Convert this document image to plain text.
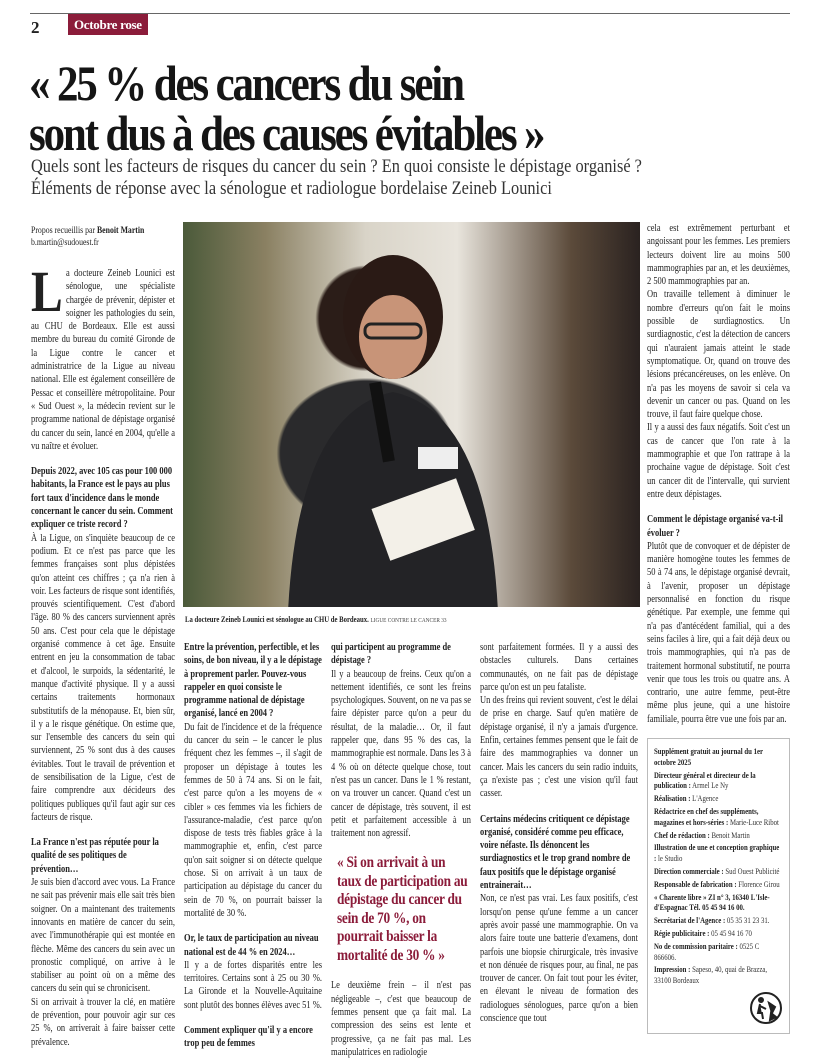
2	Octobre rose
« 25 % des cancers du sein
sont dus à des causes évitables »
Quels sont les facteurs de risques du cancer du sein ? En quoi consiste le dépistage organisé ?
Éléments de réponse avec la sénologue et radiologue bordelaise Zeineb Lounici
La docteure Zeineb Lounici est sénologue au CHU de Bordeaux. LIGUE CONTRE LE CANCER 33
Propos recueillis par Benoit Martin
b.martin@sudouest.fr
La docteure Zeineb Lounici est sénologue, une spécialiste chargée de prévenir, dépister et soigner les pathologies du sein, au CHU de Bordeaux. Elle est aussi membre du bureau du comité Gironde de la Ligue contre le cancer et administratrice de la Ligue au niveau national. Elle est également conseillère de Pessac et conseillère métropolitaine. Pour « Sud Ouest », la médecin revient sur le programme national de dépistage organisé du cancer du sein, lancé en 2004, qu'elle a vu naître et évoluer.

Depuis 2022, avec 105 cas pour 100 000 habitants, la France est le pays au plus fort taux d'incidence dans le monde concernant le cancer du sein. Comment expliquer ce triste record ?

À la Ligue, on s'inquiète beaucoup de ce podium. Et ce n'est pas parce que les femmes françaises sont plus dépistées qu'on atteint ces chiffres ; ça n'a rien à voir. Les facteurs de risque sont identifiés, prouvés scientifiquement. C'est d'abord l'âge. 80 % des cancers surviennent après 50 ans. C'est pour cela que le dépistage organisé commence à cet âge. Ensuite entrent en jeu la consommation de tabac et d'alcool, le surpoids, la sédentarité, le manque d'activité physique. Il y a aussi certains traitements hormonaux substitutifs de la ménopause. Et, bien sûr, il y a le risque génétique. On estime que, sur l'ensemble des cancers du sein qui surviennent, 25 % sont dus à des causes évitables. Tout le travail de prévention et de sensibilisation de la Ligue, c'est de faire comprendre aux décideurs des politiques publiques qu'il faut agir sur ces facteurs de risque.

La France n'est pas réputée pour la qualité de ses politiques de prévention…

Je suis bien d'accord avec vous. La France ne sait pas prévenir mais elle sait très bien soigner. On a maintenant des traitements innovants en matière de cancer du sein, avec l'immunothérapie qui est montée en flèche. Même des cancers du sein avec un pronostic compliqué, on arrive à le stabiliser au point où on a même des cancers du sein qui se chronicisent.

Si on arrivait à trouver la clé, en matière de prévention, pour pouvoir agir sur ces 25 %, on arriverait à faire baisser cette prévalence.

Entre la prévention, perfectible, et les soins, de bon niveau, il y a le dépistage à proprement parler. Pouvez-vous rappeler en quoi consiste le programme national de dépistage organisé, lancé en 2004 ?

Du fait de l'incidence et de la fréquence du cancer du sein – le cancer le plus fréquent chez les femmes –, il s'agit de proposer un dépistage à toutes les femmes de 50 à 74 ans. Si on le fait, c'est parce qu'on a les moyens de « cibler » ces femmes via les fichiers de l'assurance-maladie, c'est parce qu'on dispose de tests très fiables grâce à la mammographie et, enfin, c'est parce qu'on sait soigner si on détecte quelque chose. Si on arrivait à un taux de participation au dépistage du cancer du sein de 70 %, on pourrait baisser la mortalité de 30 %.

Or, le taux de participation au niveau national est de 44 % en 2024…

Il y a de fortes disparités entre les territoires. Certains sont à 25 ou 30 %. La Gironde et la Nouvelle-Aquitaine sont plutôt des bonnes élèves avec 51 %.

Comment expliquer qu'il y a encore trop peu de femmes

qui participent au programme de dépistage ?

Il y a beaucoup de freins. Ceux qu'on a nettement identifiés, ce sont les freins psychologiques. Souvent, on ne va pas se faire dépister parce qu'on a peur du résultat, de la maladie… Or, il faut rappeler que, dans 95 % des cas, la mammographie est normale. Dans les 3 à 4 % où on détecte quelque chose, tout n'est pas un cancer. Dans le 1 % restant, on va trouver un cancer. Quand c'est un cancer de dépistage, très souvent, il est petit et parfaitement accessible à un traitement non agressif.

« Si on arrivait à un taux de participation au dépistage du cancer du sein de 70 %, on pourrait baisser la mortalité de 30 % »

Le deuxième frein – il n'est pas négligeable –, c'est que beaucoup de femmes pensent que ça fait mal. La compression des seins est lente et progressive, ça ne fait pas mal. Les manipulatrices en radiologie

sont parfaitement formées. Il y a aussi des obstacles culturels. Dans certaines communautés, on ne fait pas de dépistage parce qu'on est un peu fataliste.

Un des freins qui revient souvent, c'est le délai de prise en charge. Sauf qu'en matière de dépistage organisé, il n'y a jamais d'urgence. Enfin, certaines femmes pensent que le fait de faire des mammographies va donner un cancer. Mais les cancers du sein radio induits, ça n'existe pas ; c'est une vision qu'il faut casser.

Certains médecins critiquent ce dépistage organisé, considéré comme peu efficace, voire néfaste. Ils dénoncent les surdiagnostics et le trop grand nombre de faux positifs que le dépistage organisé entrainerait…

Non, ce n'est pas vrai. Les faux positifs, c'est lorsqu'on pense qu'une femme a un cancer après avoir passé une mammographie. On va alors faire toute une batterie d'examens, dont parfois une biopsie chirurgicale, très invasive et non dénuée de risques pour, au final, ne pas trouver de cancer. On fait tout pour les éviter, en élevant le niveau de formation des radiologues sénologues, parce qu'on a bien conscience que tout

cela est extrêmement perturbant et angoissant pour les femmes. Les premiers lecteurs doivent lire au moins 500 mammographies par an, et les deuxièmes, 2 500 mammographies par an.

On travaille tellement à diminuer le nombre d'erreurs qu'on fait le moins possible de surdiagnostics. Un surdiagnostic, c'est la détection de cancers qui n'auraient jamais atteint le stade symptomatique. Or, quand on trouve des lésions précancéreuses, on les enlève. On n'a pas les moyens de savoir si cela va devenir un cancer ou pas. Quand on les trouve, il faut faire quelque chose.

Il y a aussi des faux négatifs. Soit c'est un cas de cancer que l'on rate à la mammographie et que l'on rattrape à la prochaine vague de dépistage. Soit c'est un cancer dit de l'intervalle, qui survient entre deux dépistages.

Comment le dépistage organisé va-t-il évoluer ?

Plutôt que de convoquer et de dépister de manière homogène toutes les femmes de 50 à 74 ans, le dépistage organisé devrait, à l'avenir, proposer un dépistage personnalisé en fonction du risque génétique. Par exemple, une femme qui n'a pas d'antécédent familial, qui a des seins faciles à lire, qui a fait déjà deux ou trois mammographies, qui n'a pas de traitement hormonal substitutif, ne pourra venir que tous les trois ou quatre ans. A contrario, une autre femme, peut-être même plus jeune, qui a une histoire familiale, pourra être vue une fois par an.

Supplément gratuit au journal du 1er octobre 2025

Directeur général et directeur de la publication : Armel Le Ny

Réalisation : L'Agence

Rédactrice en chef des suppléments, magazines et hors-séries : Marie-Luce Ribot

Chef de rédaction : Benoit Martin

Illustration de une et conception graphique : le Studio

Direction commerciale : Sud Ouest Publicité

Responsable de fabrication : Florence Girou

« Charente libre » ZI n° 3, 16340 L'Isle-d'Espagnac Tél. 05 45 94 16 00.

Secrétariat de l'Agence : 05 35 31 23 31.

Régie publicitaire : 05 45 94 16 70

No de commission paritaire : 0525 C 866606.

Impression : Sapeso, 40, quai de Brazza, 33100 Bordeaux
